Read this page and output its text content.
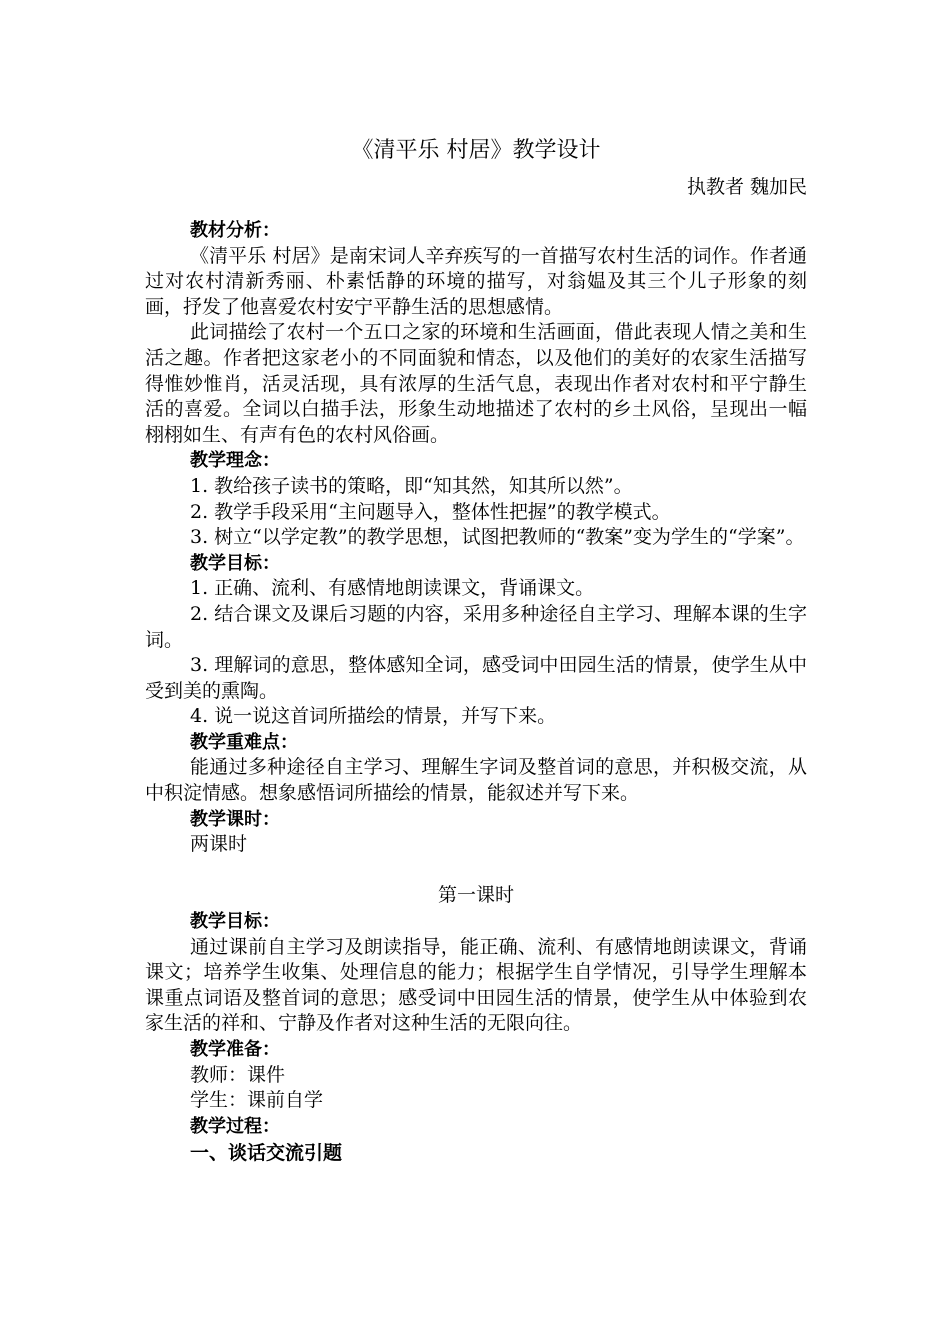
《清平乐 村居》教学设计
执教者 魏加民
教材分析：

《清平乐 村居》是南宋词人辛弃疾写的一首描写农村生活的词作。作者通过对农村清新秀丽、朴素恬静的环境的描写，对翁媪及其三个儿子形象的刻画，抒发了他喜爱农村安宁平静生活的思想感情。

此词描绘了农村一个五口之家的环境和生活画面，借此表现人情之美和生活之趣。作者把这家老小的不同面貌和情态，以及他们的美好的农家生活描写得惟妙惟肖，活灵活现，具有浓厚的生活气息，表现出作者对农村和平宁静生活的喜爱。全词以白描手法，形象生动地描述了农村的乡土风俗，呈现出一幅栩栩如生、有声有色的农村风俗画。

教学理念：

1. 教给孩子读书的策略，即“知其然，知其所以然”。

2. 教学手段采用“主问题导入，整体性把握”的教学模式。

3. 树立“以学定教”的教学思想，试图把教师的“教案”变为学生的“学案”。

教学目标：

1. 正确、流利、有感情地朗读课文，背诵课文。

2. 结合课文及课后习题的内容，采用多种途径自主学习、理解本课的生字词。

3. 理解词的意思，整体感知全词，感受词中田园生活的情景，使学生从中受到美的熏陶。

4. 说一说这首词所描绘的情景，并写下来。

教学重难点：

能通过多种途径自主学习、理解生字词及整首词的意思，并积极交流，从中积淀情感。想象感悟词所描绘的情景，能叙述并写下来。

教学课时：

两课时

第一课时
教学目标：

通过课前自主学习及朗读指导，能正确、流利、有感情地朗读课文，背诵课文；培养学生收集、处理信息的能力；根据学生自学情况，引导学生理解本课重点词语及整首词的意思；感受词中田园生活的情景，使学生从中体验到农家生活的祥和、宁静及作者对这种生活的无限向往。

教学准备：

教师：课件

学生：课前自学

教学过程：
一、谈话交流引题
